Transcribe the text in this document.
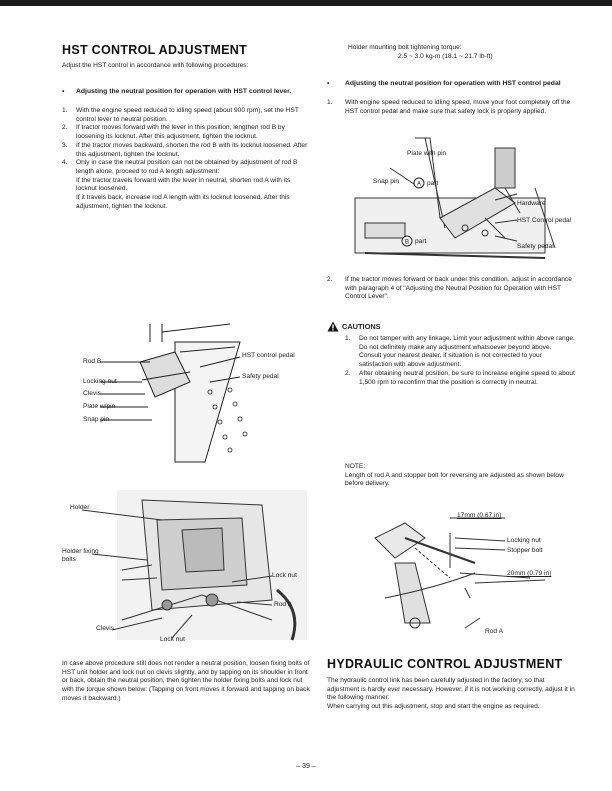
HST CONTROL ADJUSTMENT
Adjust the HST control in accordance with following procedures:
•	Adjusting the neutral position for operation with HST control lever.
1. With the engine speed reduced to idling speed (about 900 rpm), set the HST control lever to neutral position.
2. If tractor moves forward with the lever in this position, lengthen rod B by loosening its locknut. After this adjustment, tighten the locknut.
3. If the tractor moves backward, shorten the rod B with its locknut loosened. After this adjustment, tighten the locknut.
4. Only in case the neutral position can not be obtained by adjustment of rod B length alone, proceed to rod A length adjustment:
If the tractor travels forward with the lever in neutral, shorten rod A with its locknut loosened.
If it travels back, increase rod A length with its locknut loosened. After this adjustment, tighten the locknut.
Rod B
Locking nut
Clevis
Plate w/pin
Snap pin
HST control pedal
Safety pedal
Holder
Holder fixing bolts
Lock nut
Rod A
Clevis
Lock nut
In case above procedure still does not render a neutral position, loosen fixing bolts of HST unit holder and lock nut on clevis slightly, and by tapping on its shoulder in front or back, obtain the neutral position, then tighten the holder fixing bolts and lock nut with the torque shown below: (Tapping on front moves it forward and tapping on back moves it backward.)
Holder mounting bolt tightening torque:
2.5 ~ 3.0 kg-m (18.1 ~ 21.7 lb-ft)
•	Adjusting the neutral position for operation with HST control pedal
1. With engine speed reduced to idling speed, move your foot completely off the HST control pedal and make sure that safety lock is properly applied.
A
B
Plate with pin
Snap pin	part
Hardware
HST Control pedal
part
Safety pedal
2. If the tractor moves forward or back under this condition, adjust in accordance with paragraph 4 of "Adjusting the Neutral Position for Operation with HST Control Lever".
CAUTIONS
1. Do not tamper with any linkage. Limit your adjustment within above range. Do not definitely make any adjustment whatsoever beyond above. Consult your nearest dealer, if situation is not corrected to your satisfaction with above adjustment.
2. After obtaining neutral position, be sure to increase engine speed to about 1,500 rpm to reconfirm that the position is correctly in neutral.
NOTE:
Length of rod A and stopper bolt for reversing are adjusted as shown below before delivery.
17mm (0.67 in)
Locking nut
Stopper bolt
20mm (0.79 in)
Rod A
HYDRAULIC CONTROL ADJUSTMENT
The hydraulic control link has been carefully adjusted in the factory, so that adjustment is hardly ever necessary. However, if it is not working correctly, adjust it in the following manner:
When carrying out this adjustment, stop and start the engine as required.
– 39 –
